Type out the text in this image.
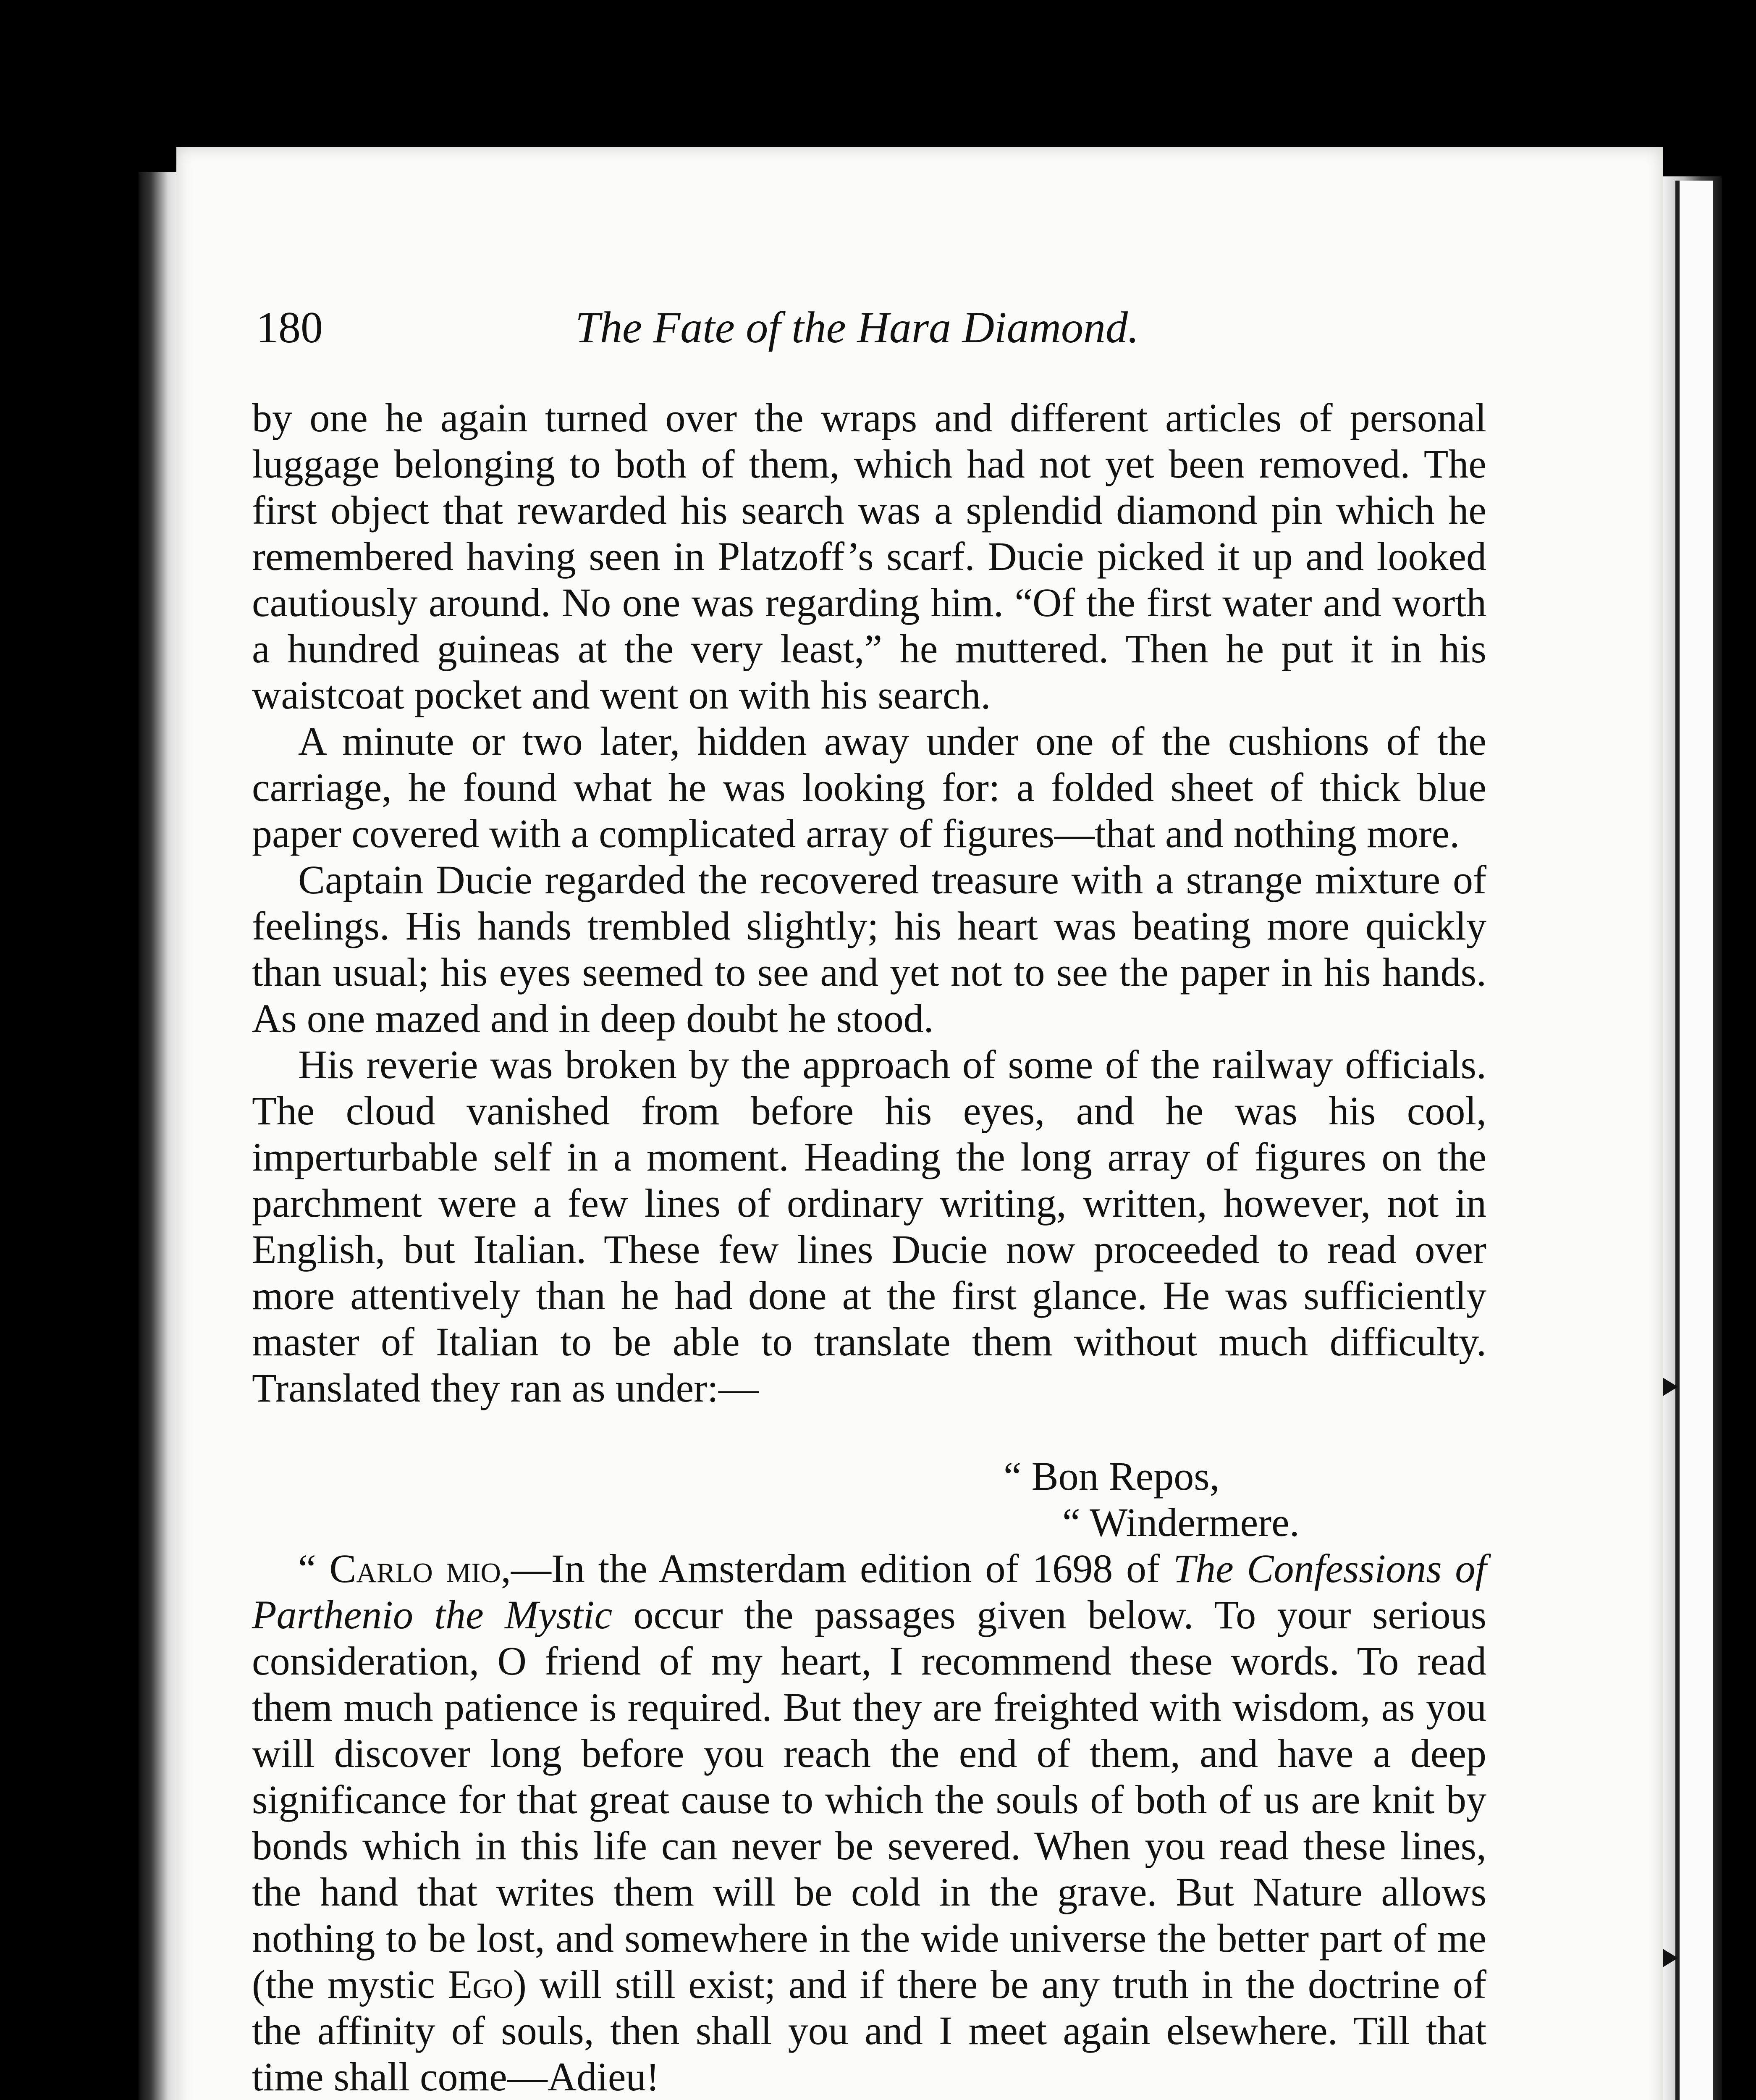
180	The Fate of the Hara Diamond.

by one he again turned over the wraps and different articles of personal luggage belonging to both of them, which had not yet been removed. The first object that rewarded his search was a splendid diamond pin which he remembered having seen in Platzoff’s scarf. Ducie picked it up and looked cautiously around. No one was regarding him. “Of the first water and worth a hundred guineas at the very least,” he muttered. Then he put it in his waistcoat pocket and went on with his search.

A minute or two later, hidden away under one of the cushions of the carriage, he found what he was looking for: a folded sheet of thick blue paper covered with a complicated array of figures—that and nothing more.

Captain Ducie regarded the recovered treasure with a strange mixture of feelings. His hands trembled slightly; his heart was beating more quickly than usual; his eyes seemed to see and yet not to see the paper in his hands. As one mazed and in deep doubt he stood.

His reverie was broken by the approach of some of the railway officials. The cloud vanished from before his eyes, and he was his cool, imperturbable self in a moment. Heading the long array of figures on the parchment were a few lines of ordinary writing, written, however, not in English, but Italian. These few lines Ducie now proceeded to read over more attentively than he had done at the first glance. He was sufficiently master of Italian to be able to translate them without much difficulty. Translated they ran as under:—

“ Bon Repos,

“ Windermere.

“ Carlo mio,—In the Amsterdam edition of 1698 of The Confessions of Parthenio the Mystic occur the passages given below. To your serious consideration, O friend of my heart, I recommend these words. To read them much patience is required. But they are freighted with wisdom, as you will discover long before you reach the end of them, and have a deep significance for that great cause to which the souls of both of us are knit by bonds which in this life can never be severed. When you read these lines, the hand that writes them will be cold in the grave. But Nature allows nothing to be lost, and somewhere in the wide universe the better part of me (the mystic Ego) will still exist; and if there be any truth in the doctrine of the affinity of souls, then shall you and I meet again elsewhere. Till that time shall come—Adieu!
